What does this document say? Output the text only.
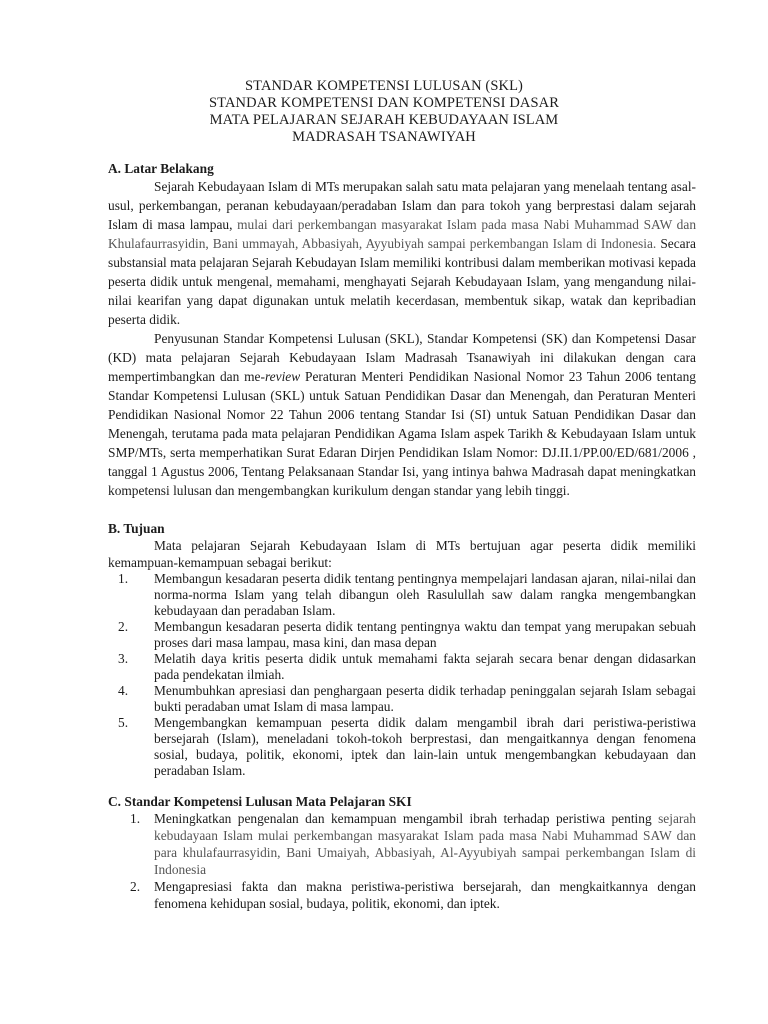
STANDAR KOMPETENSI LULUSAN (SKL)
STANDAR KOMPETENSI DAN KOMPETENSI DASAR
MATA PELAJARAN SEJARAH KEBUDAYAAN ISLAM
MADRASAH TSANAWIYAH
A. Latar Belakang

Sejarah Kebudayaan Islam di MTs merupakan salah satu mata pelajaran yang menelaah tentang asal-usul, perkembangan, peranan kebudayaan/peradaban Islam dan para tokoh yang berprestasi dalam sejarah Islam di masa lampau, mulai dari perkembangan masyarakat Islam pada masa Nabi Muhammad SAW dan Khulafaurrasyidin, Bani ummayah, Abbasiyah, Ayyubiyah sampai perkembangan Islam di Indonesia. Secara substansial mata pelajaran Sejarah Kebudayan Islam memiliki kontribusi dalam memberikan motivasi kepada peserta didik untuk mengenal, memahami, menghayati Sejarah Kebudayaan Islam, yang mengandung nilai-nilai kearifan yang dapat digunakan untuk melatih kecerdasan, membentuk sikap, watak dan kepribadian peserta didik.

Penyusunan Standar Kompetensi Lulusan (SKL), Standar Kompetensi (SK) dan Kompetensi Dasar (KD) mata pelajaran Sejarah Kebudayaan Islam Madrasah Tsanawiyah ini dilakukan dengan cara mempertimbangkan dan me-review Peraturan Menteri Pendidikan Nasional Nomor 23 Tahun 2006 tentang Standar Kompetensi Lulusan (SKL) untuk Satuan Pendidikan Dasar dan Menengah, dan Peraturan Menteri Pendidikan Nasional Nomor 22 Tahun 2006 tentang Standar Isi (SI) untuk Satuan Pendidikan Dasar dan Menengah, terutama pada mata pelajaran Pendidikan Agama Islam aspek Tarikh & Kebudayaan Islam untuk SMP/MTs, serta memperhatikan Surat Edaran Dirjen Pendidikan Islam Nomor: DJ.II.1/PP.00/ED/681/2006 , tanggal 1 Agustus 2006, Tentang Pelaksanaan Standar Isi, yang intinya bahwa Madrasah dapat meningkatkan kompetensi lulusan dan mengembangkan kurikulum dengan standar yang lebih tinggi.

B. Tujuan

Mata pelajaran Sejarah Kebudayaan Islam di MTs bertujuan agar peserta didik memiliki kemampuan-kemampuan sebagai berikut:

1. Membangun kesadaran peserta didik tentang pentingnya mempelajari landasan ajaran, nilai-nilai dan norma-norma Islam yang telah dibangun oleh Rasulullah saw dalam rangka mengembangkan kebudayaan dan peradaban Islam.
2. Membangun kesadaran peserta didik tentang pentingnya waktu dan tempat yang merupakan sebuah proses dari masa lampau, masa kini, dan masa depan
3. Melatih daya kritis peserta didik untuk memahami fakta sejarah secara benar dengan didasarkan pada pendekatan ilmiah.
4. Menumbuhkan apresiasi dan penghargaan peserta didik terhadap peninggalan sejarah Islam sebagai bukti peradaban umat Islam di masa lampau.
5. Mengembangkan kemampuan peserta didik dalam mengambil ibrah dari peristiwa-peristiwa bersejarah (Islam), meneladani tokoh-tokoh berprestasi, dan mengaitkannya dengan fenomena sosial, budaya, politik, ekonomi, iptek dan lain-lain untuk mengembangkan kebudayaan dan peradaban Islam.
C. Standar Kompetensi Lulusan Mata Pelajaran SKI
1. Meningkatkan pengenalan dan kemampuan mengambil ibrah terhadap peristiwa penting sejarah kebudayaan Islam mulai perkembangan masyarakat Islam pada masa Nabi Muhammad SAW dan para khulafaurrasyidin, Bani Umaiyah, Abbasiyah, Al-Ayyubiyah sampai perkembangan Islam di Indonesia
2. Mengapresiasi fakta dan makna peristiwa-peristiwa bersejarah, dan mengkaitkannya dengan fenomena kehidupan sosial, budaya, politik, ekonomi, dan iptek.
